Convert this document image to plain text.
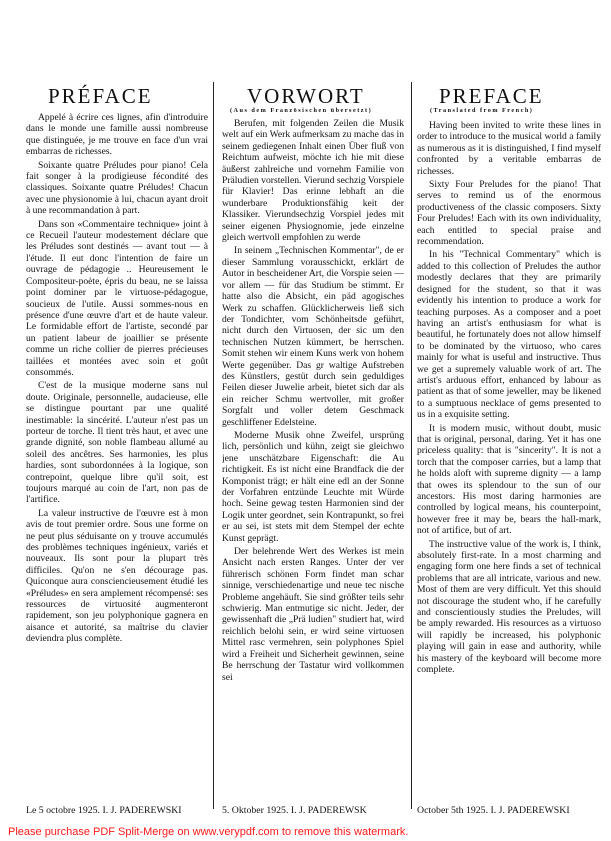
PRÉFACE

Appelé à écrire ces lignes, afin d'introduire dans le monde une famille aussi nombreuse que distinguée, je me trouve en face d'un vrai embarras de richesses.

Soixante quatre Préludes pour piano! Cela fait songer à la prodigieuse fécondité des classiques. Soixante quatre Préludes! Chacun avec une physionomie à lui, chacun ayant droit à une recommandation à part.

Dans son «Commentaire technique» joint à ce Recueil l'auteur modestement déclare que les Préludes sont destinés — avant tout — à l'étude. Il eut donc l'intention de faire un ouvrage de pédagogie .. Heureusement le Compositeur-poète, épris du beau, ne se laissa point dominer par le virtuose-pédagogue, soucieux de l'utile. Aussi sommes-nous en présence d'une œuvre d'art et de haute valeur. Le formidable effort de l'artiste, secondé par un patient labeur de joaillier se présente comme un riche collier de pierres précieuses taillées et montées avec soin et goût consommés.

C'est de la musique moderne sans nul doute. Originale, personnelle, audacieuse, elle se distingue pourtant par une qualité inestimable: la sincérité. L'auteur n'est pas un porteur de torche. Il tient très haut, et avec une grande dignité, son noble flambeau allumé au soleil des ancêtres. Ses harmonies, les plus hardies, sont subordonnées à la logique, son contrepoint, quelque libre qu'il soit, est toujours marqué au coin de l'art, non pas de l'artifice.

La valeur instructive de l'œuvre est à mon avis de tout premier ordre. Sous une forme on ne peut plus séduisante on y trouve accumulés des problèmes techniques ingénieux, variés et nouveaux. Ils sont pour la plupart très difficiles. Qu'on ne s'en décourage pas. Quiconque aura consciencieusement étudié les «Préludes» en sera amplement récompensé: ses ressources de virtuosité augmenteront rapidement, son jeu polyphonique gagnera en aisance et autorité, sa maîtrise du clavier deviendra plus complète.

Le 5 octobre 1925. I. J. PADEREWSKI
VORWORT
(Aus dem Französischen übersetzt)

Berufen, mit folgenden Zeilen die Musik welt auf ein Werk aufmerksam zu mache das in seinem gediegenen Inhalt einen Über fluß von Reichtum aufweist, möchte ich hie mit diese äußerst zahlreiche und vornehm Familie von Präludien vorstellen. Vierund sechzig Vorspiele für Klavier! Das erinne lebhaft an die wunderbare Produktionsfähig keit der Klassiker. Vierundsechzig Vorspiel jedes mit seiner eigenen Physiognomie, jede einzelne gleich wertvoll empfohlen zu werde

In seinem „Technischen Kommentar", de er dieser Sammlung vorausschickt, erklärt de Autor in bescheidener Art, die Vorspie seien — vor allem — für das Studium be stimmt. Er hatte also die Absicht, ein päd agogisches Werk zu schaffen. Glücklicherweis ließ sich der Tondichter, vom Schönheitsde geführt, nicht durch den Virtuosen, der sic um den technischen Nutzen kümmert, be herrschen. Somit stehen wir einem Kuns werk von hohem Werte gegenüber. Das gr waltige Aufstreben des Künstlers, gestüt durch sein geduldiges Feilen dieser Juwelie arbeit, bietet sich dar als ein reicher Schmu wertvoller, mit großer Sorgfalt und voller detem Geschmack geschliffener Edelsteine.

Moderne Musik ohne Zweifel, ursprüng lich, persönlich und kühn, zeigt sie gleichwo jene unschätzbare Eigenschaft: die Au richtigkeit. Es ist nicht eine Brandfack die der Komponist trägt; er hält eine edl an der Sonne der Vorfahren entzünde Leuchte mit Würde hoch. Seine gewag testen Harmonien sind der Logik unter geordnet, sein Kontrapunkt, so frei er au sei, ist stets mit dem Stempel der echte Kunst geprägt.

Der belehrende Wert des Werkes ist mein Ansicht nach ersten Ranges. Unter der ver führerisch schönen Form findet man schar sinnige, verschiedenartige und neue tec nische Probleme angehäuft. Sie sind größter teils sehr schwierig. Man entmutige sic nicht. Jeder, der gewissenhaft die „Prä ludien" studiert hat, wird reichlich belohi sein, er wird seine virtuosen Mittel rasc vermehren, sein polyphones Spiel wird a Freiheit und Sicherheit gewinnen, seine Be herrschung der Tastatur wird vollkommen sei

5. Oktober 1925. I. J. PADEREWSK
PREFACE
(Translated from French)

Having been invited to write these lines in order to introduce to the musical world a family as numerous as it is distinguished, I find myself confronted by a veritable embarras de richesses.

Sixty Four Preludes for the piano! That serves to remind us of the enormous productiveness of the classic composers. Sixty Four Preludes! Each with its own individuality, each entitled to special praise and recommendation.

In his "Technical Commentary" which is added to this collection of Preludes the author modestly declares that they are primarily designed for the student, so that it was evidently his intention to produce a work for teaching purposes. As a composer and a poet having an artist's enthusiasm for what is beautiful, he fortunately does not allow himself to be dominated by the virtuoso, who cares mainly for what is useful and instructive. Thus we get a supremely valuable work of art. The artist's arduous effort, enhanced by labour as patient as that of some jeweller, may be likened to a sumptuous necklace of gems presented to us in a exquisite setting.

It is modern music, without doubt, music that is original, personal, daring. Yet it has one priceless quality: that is "sincerity". It is not a torch that the composer carries, but a lamp that he holds aloft with supreme dignity — a lamp that owes its splendour to the sun of our ancestors. His most daring harmonies are controlled by logical means, his counterpoint, however free it may be, bears the hall-mark, not of artifice, but of art.

The instructive value of the work is, I think, absolutely first-rate. In a most charming and engaging form one here finds a set of technical problems that are all intricate, various and new. Most of them are very difficult. Yet this should not discourage the student who, if he carefully and conscientiously studies the Preludes, will be amply rewarded. His resources as a virtuoso will rapidly be increased, his polyphonic playing will gain in ease and authority, while his mastery of the keyboard will become more complete.

October 5th 1925. I. J. PADEREWSKI
Please purchase PDF Split-Merge on www.verypdf.com to remove this watermark.
